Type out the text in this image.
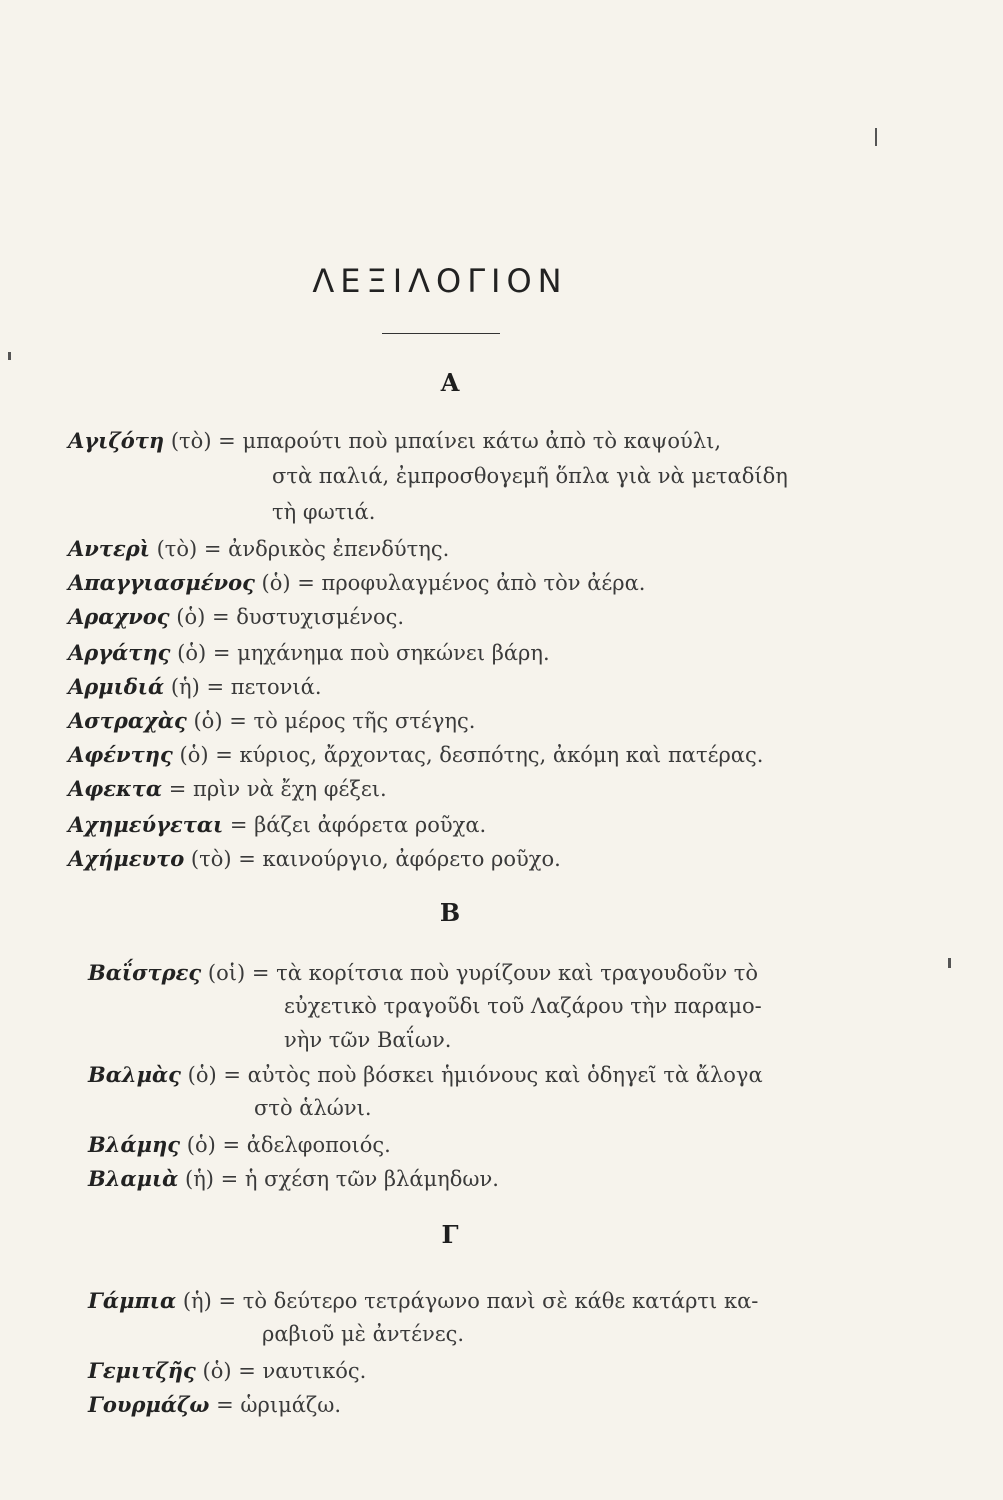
ΛΕΞΙΛΟΓΙΟΝ
Α
Αγιζότη (τὸ) = μπαρούτι ποὺ μπαίνει κάτω ἀπὸ τὸ καψούλι,
στὰ παλιά, ἐμπροσθογεμῆ ὅπλα γιὰ νὰ μεταδίδη
τὴ φωτιά.
Αντερὶ (τὸ) = ἀνδρικὸς ἐπενδύτης.
Απαγγιασμένος (ὁ) = προφυλαγμένος ἀπὸ τὸν ἀέρα.
Αραχνος (ὁ) = δυστυχισμένος.
Αργάτης (ὁ) = μηχάνημα ποὺ σηκώνει βάρη.
Αρμιδιά (ἡ) = πετονιά.
Αστραχὰς (ὁ) = τὸ μέρος τῆς στέγης.
Αφέντης (ὁ) = κύριος, ἄρχοντας, δεσπότης, ἀκόμη καὶ πατέρας.
Αφεκτα = πρὶν νὰ ἔχη φέξει.
Αχημεύγεται = βάζει ἀφόρετα ροῦχα.
Αχήμευτο (τὸ) = καινούργιο, ἀφόρετο ροῦχο.
Β
Βαΐστρες (οἱ) = τὰ κορίτσια ποὺ γυρίζουν καὶ τραγουδοῦν τὸ
εὐχετικὸ τραγοῦδι τοῦ Λαζάρου τὴν παραμο-
νὴν τῶν Βαΐων.
Βαλμὰς (ὁ) = αὐτὸς ποὺ βόσκει ἡμιόνους καὶ ὁδηγεῖ τὰ ἄλογα
στὸ ἁλώνι.
Βλάμης (ὁ) = ἀδελφοποιός.
Βλαμιὰ (ἡ) = ἡ σχέση τῶν βλάμηδων.
Γ
Γάμπια (ἡ) = τὸ δεύτερο τετράγωνο πανὶ σὲ κάθε κατάρτι κα-
ραβιοῦ μὲ ἀντένες.
Γεμιτζῆς (ὁ) = ναυτικός.
Γουρμάζω = ὡριμάζω.
